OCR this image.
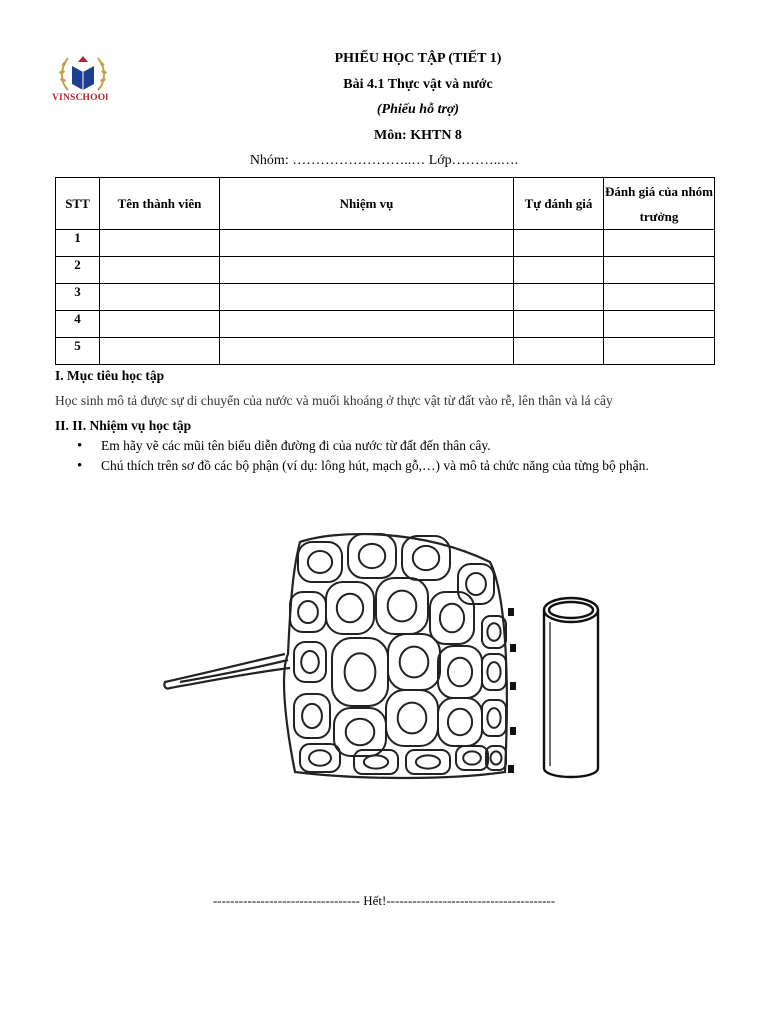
VINSCHOOl
PHIẾU HỌC TẬP (TIẾT 1)
Bài 4.1 Thực vật và nước
(Phiếu hỗ trợ)
Môn: KHTN 8
Nhóm: ……………………..… Lớp………..….
STT	Tên thành viên	Nhiệm vụ	Tự đánh giá	Đánh giá của nhóm trưởng
1				
2				
3				
4				
5				
I. Mục tiêu học tập
Học sinh mô tả được sự di chuyển của nước và muối khoáng ở thực vật từ đất vào rễ, lên thân và lá cây
II. II. Nhiệm vụ học tập
• Em hãy vẽ các mũi tên biểu diễn đường đi của nước từ đất đến thân cây.
• Chú thích trên sơ đồ các bộ phận (ví dụ: lông hút, mạch gỗ,…) và mô tả chức năng của từng bộ phận.
---------------------------------- Hết!---------------------------------------
